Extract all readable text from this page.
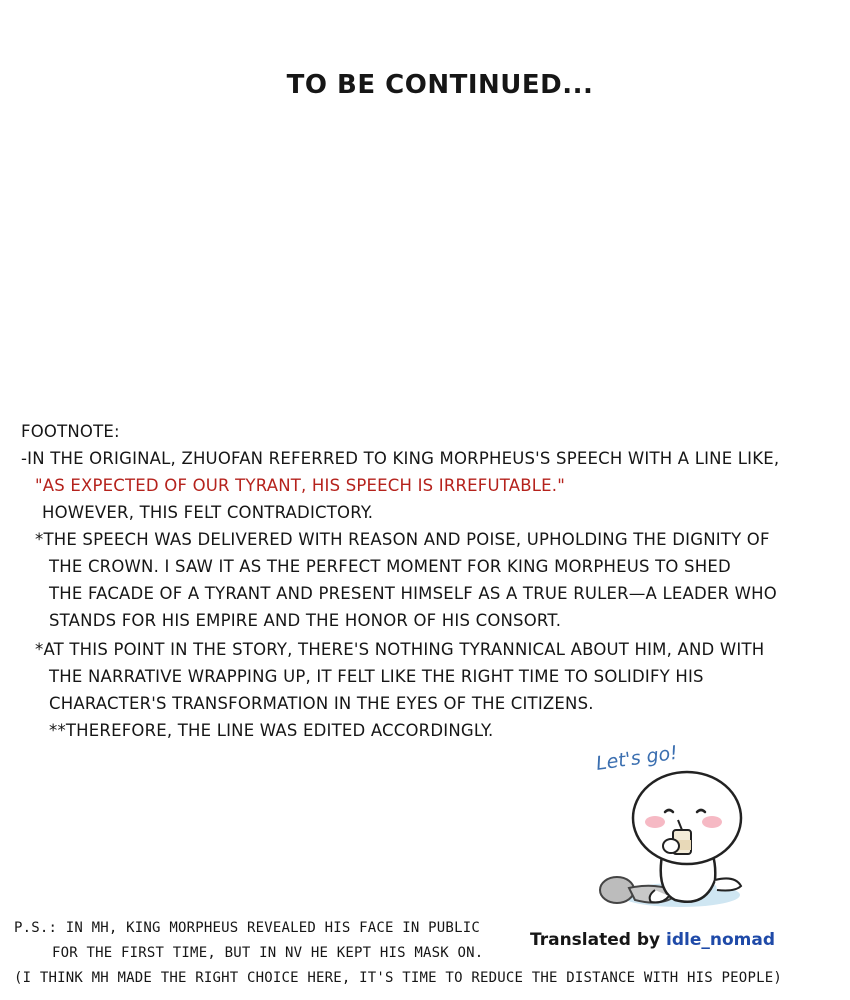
TO BE CONTINUED...
FOOTNOTE:
-IN THE ORIGINAL, ZHUOFAN REFERRED TO KING MORPHEUS'S SPEECH WITH A LINE LIKE,
"AS EXPECTED OF OUR TYRANT, HIS SPEECH IS IRREFUTABLE."
HOWEVER, THIS FELT CONTRADICTORY.
*THE SPEECH WAS DELIVERED WITH REASON AND POISE, UPHOLDING THE DIGNITY OF
THE CROWN. I SAW IT AS THE PERFECT MOMENT FOR KING MORPHEUS TO SHED
THE FACADE OF A TYRANT AND PRESENT HIMSELF AS A TRUE RULER—A LEADER WHO
STANDS FOR HIS EMPIRE AND THE HONOR OF HIS CONSORT.
*AT THIS POINT IN THE STORY, THERE'S NOTHING TYRANNICAL ABOUT HIM, AND WITH
THE NARRATIVE WRAPPING UP, IT FELT LIKE THE RIGHT TIME TO SOLIDIFY HIS
CHARACTER'S TRANSFORMATION IN THE EYES OF THE CITIZENS.
**THEREFORE, THE LINE WAS EDITED ACCORDINGLY.
Let's go!
P.S.: IN MH, KING MORPHEUS REVEALED HIS FACE IN PUBLIC
FOR THE FIRST TIME, BUT IN NV HE KEPT HIS MASK ON.
(I THINK MH MADE THE RIGHT CHOICE HERE, IT'S TIME TO REDUCE THE DISTANCE WITH HIS PEOPLE)
Translated by idle_nomad
